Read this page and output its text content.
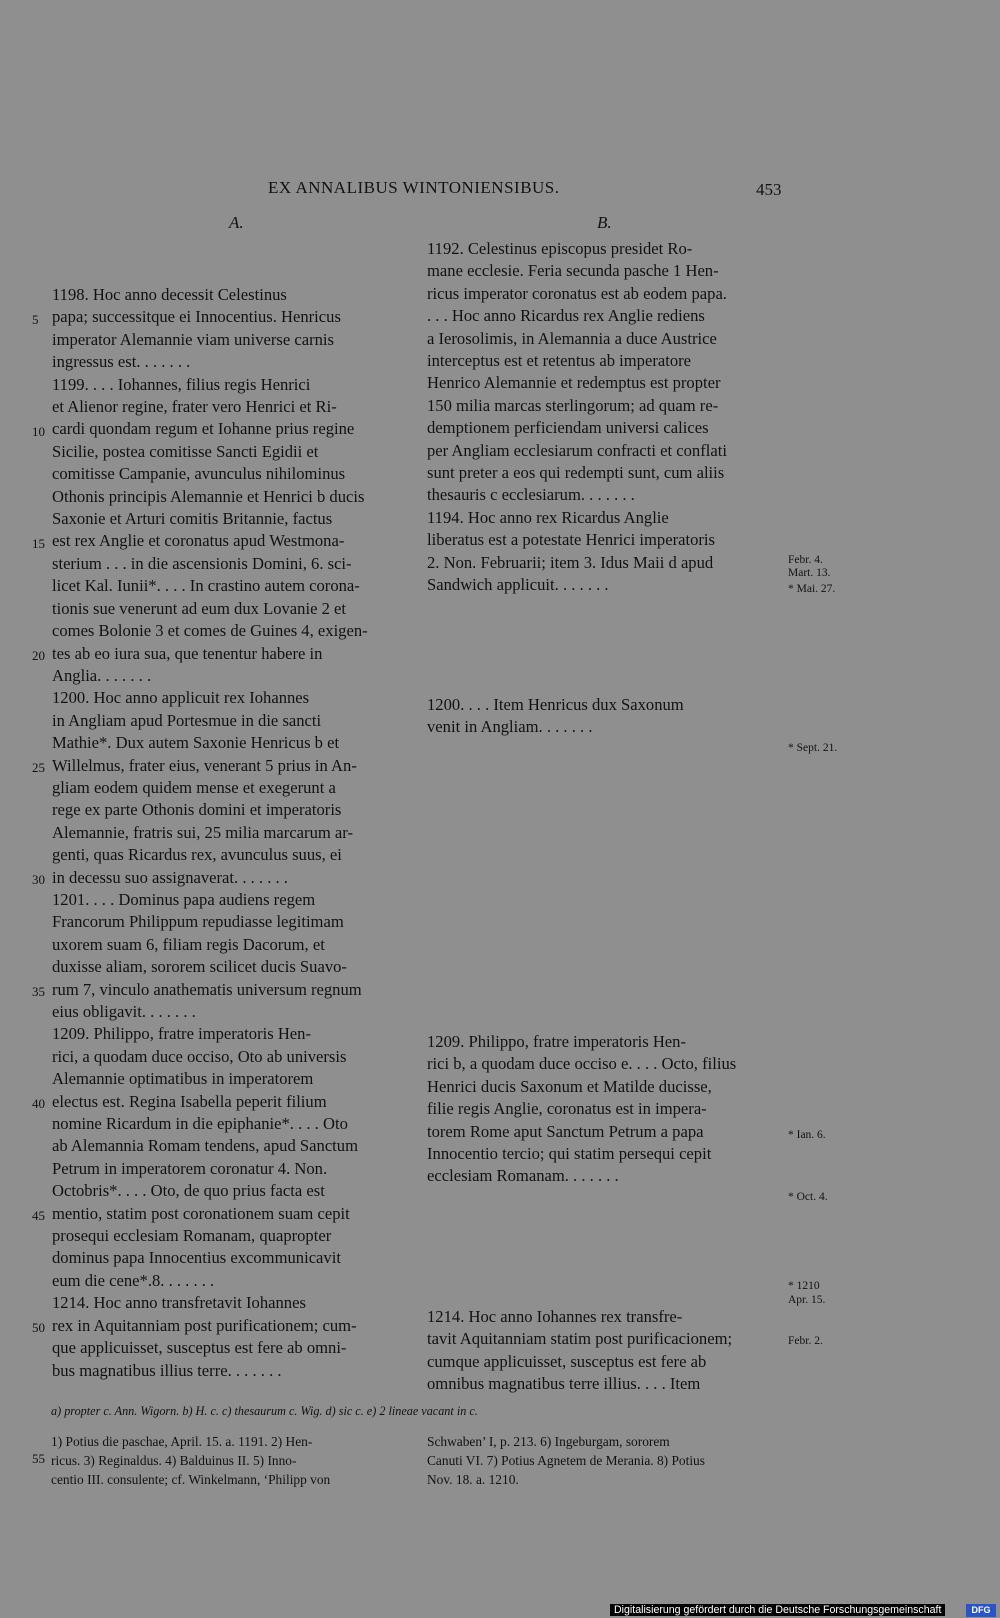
EX ANNALIBUS WINTONIENSIBUS.	453
A.	B.
1198. Hoc anno decessit Celestinus
papa; successitque ei Innocentius. Henricus
imperator Alemannie viam universe carnis
ingressus est. . . . . . .
1199. . . . Iohannes, filius regis Henrici
et Alienor regine, frater vero Henrici et Ri-
cardi quondam regum et Iohanne prius regine
Sicilie, postea comitisse Sancti Egidii et
comitisse Campanie, avunculus nihilominus
Othonis principis Alemannie et Henrici b ducis
Saxonie et Arturi comitis Britannie, factus
est rex Anglie et coronatus apud Westmona-
sterium . . . in die ascensionis Domini, 6. sci-
licet Kal. Iunii*. . . . In crastino autem corona-
tionis sue venerunt ad eum dux Lovanie 2 et
comes Bolonie 3 et comes de Guines 4, exigen-
tes ab eo iura sua, que tenentur habere in
Anglia. . . . . . .
1200. Hoc anno applicuit rex Iohannes
in Angliam apud Portesmue in die sancti
Mathie*. Dux autem Saxonie Henricus b et
Willelmus, frater eius, venerant 5 prius in An-
gliam eodem quidem mense et exegerunt a
rege ex parte Othonis domini et imperatoris
Alemannie, fratris sui, 25 milia marcarum ar-
genti, quas Ricardus rex, avunculus suus, ei
in decessu suo assignaverat. . . . . . .
1201. . . . Dominus papa audiens regem
Francorum Philippum repudiasse legitimam
uxorem suam 6, filiam regis Dacorum, et
duxisse aliam, sororem scilicet ducis Suavo-
rum 7, vinculo anathematis universum regnum
eius obligavit. . . . . . .
1209. Philippo, fratre imperatoris Hen-
rici, a quodam duce occiso, Oto ab universis
Alemannie optimatibus in imperatorem
electus est. Regina Isabella peperit filium
nomine Ricardum in die epiphanie*. . . . Oto
ab Alemannia Romam tendens, apud Sanctum
Petrum in imperatorem coronatur 4. Non.
Octobris*. . . . Oto, de quo prius facta est
mentio, statim post coronationem suam cepit
prosequi ecclesiam Romanam, quapropter
dominus papa Innocentius excommunicavit
eum die cene*.8. . . . . . .
1214. Hoc anno transfretavit Iohannes
rex in Aquitanniam post purificationem; cum-
que applicuisset, susceptus est fere ab omni-
bus magnatibus illius terre. . . . . . .
1192. Celestinus episcopus presidet Ro-
mane ecclesie. Feria secunda pasche 1 Hen-
ricus imperator coronatus est ab eodem papa.
. . . Hoc anno Ricardus rex Anglie rediens
a Ierosolimis, in Alemannia a duce Austrice
interceptus est et retentus ab imperatore
Henrico Alemannie et redemptus est propter
150 milia marcas sterlingorum; ad quam re-
demptionem perficiendam universi calices
per Angliam ecclesiarum confracti et conflati
sunt preter a eos qui redempti sunt, cum aliis
thesauris c ecclesiarum. . . . . . .
1194. Hoc anno rex Ricardus Anglie
liberatus est a potestate Henrici imperatoris
2. Non. Februarii; item 3. Idus Maii d apud
Sandwich applicuit. . . . . . .
1200. . . . Item Henricus dux Saxonum
venit in Angliam. . . . . . .
1209. Philippo, fratre imperatoris Hen-
rici b, a quodam duce occiso e. . . . Octo, filius
Henrici ducis Saxonum et Matilde ducisse,
filie regis Anglie, coronatus est in impera-
torem Rome aput Sanctum Petrum a papa
Innocentio tercio; qui statim persequi cepit
ecclesiam Romanam. . . . . . .
1214. Hoc anno Iohannes rex transfre-
tavit Aquitanniam statim post purificacionem;
cumque applicuisset, susceptus est fere ab
omnibus magnatibus terre illius. . . . Item
5
10
15
20
25
30
35
40
45
50
55
Febr. 4.
Mart. 13.
* Mai. 27.
* Sept. 21.
* Ian. 6.
* Oct. 4.
* 1210
Apr. 15.
Febr. 2.
a) propter c. Ann. Wigorn. b) H. c. c) thesaurum c. Wig. d) sic c. e) 2 lineae vacant in c.
1) Potius die paschae, April. 15. a. 1191. 2) Hen-
ricus. 3) Reginaldus. 4) Balduinus II. 5) Inno-
centio III. consulente; cf. Winkelmann, ‘Philipp von
Schwaben’ I, p. 213. 6) Ingeburgam, sororem
Canuti VI. 7) Potius Agnetem de Merania. 8) Potius
Nov. 18. a. 1210.
Digitalisierung gefördert durch die Deutsche Forschungsgemeinschaft	DFG
